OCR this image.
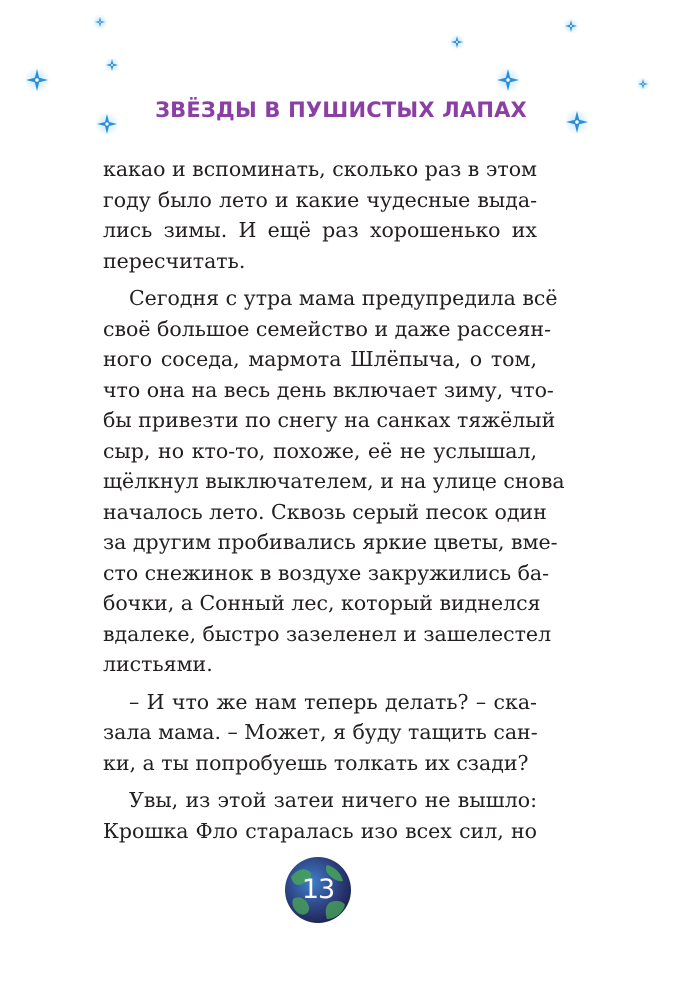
ЗВЁЗДЫ В ПУШИСТЫХ ЛАПАХ

какао и вспоминать, сколько раз в этом
году было лето и какие чудесные выда-
лись зимы. И ещё раз хорошенько их
пересчитать.

Сегодня с утра мама предупредила всё
своё большое семейство и даже рассеян-
ного соседа, мармота Шлёпыча, о том,
что она на весь день включает зиму, что-
бы привезти по снегу на санках тяжёлый
сыр, но кто-то, похоже, её не услышал,
щёлкнул выключателем, и на улице снова
началось лето. Сквозь серый песок один
за другим пробивались яркие цветы, вме-
сто снежинок в воздухе закружились ба-
бочки, а Сонный лес, который виднелся
вдалеке, быстро зазеленел и зашелестел
листьями.

– И что же нам теперь делать? – ска-
зала мама. – Может, я буду тащить сан-
ки, а ты попробуешь толкать их сзади?

Увы, из этой затеи ничего не вышло:
Крошка Фло старалась изо всех сил, но

13
